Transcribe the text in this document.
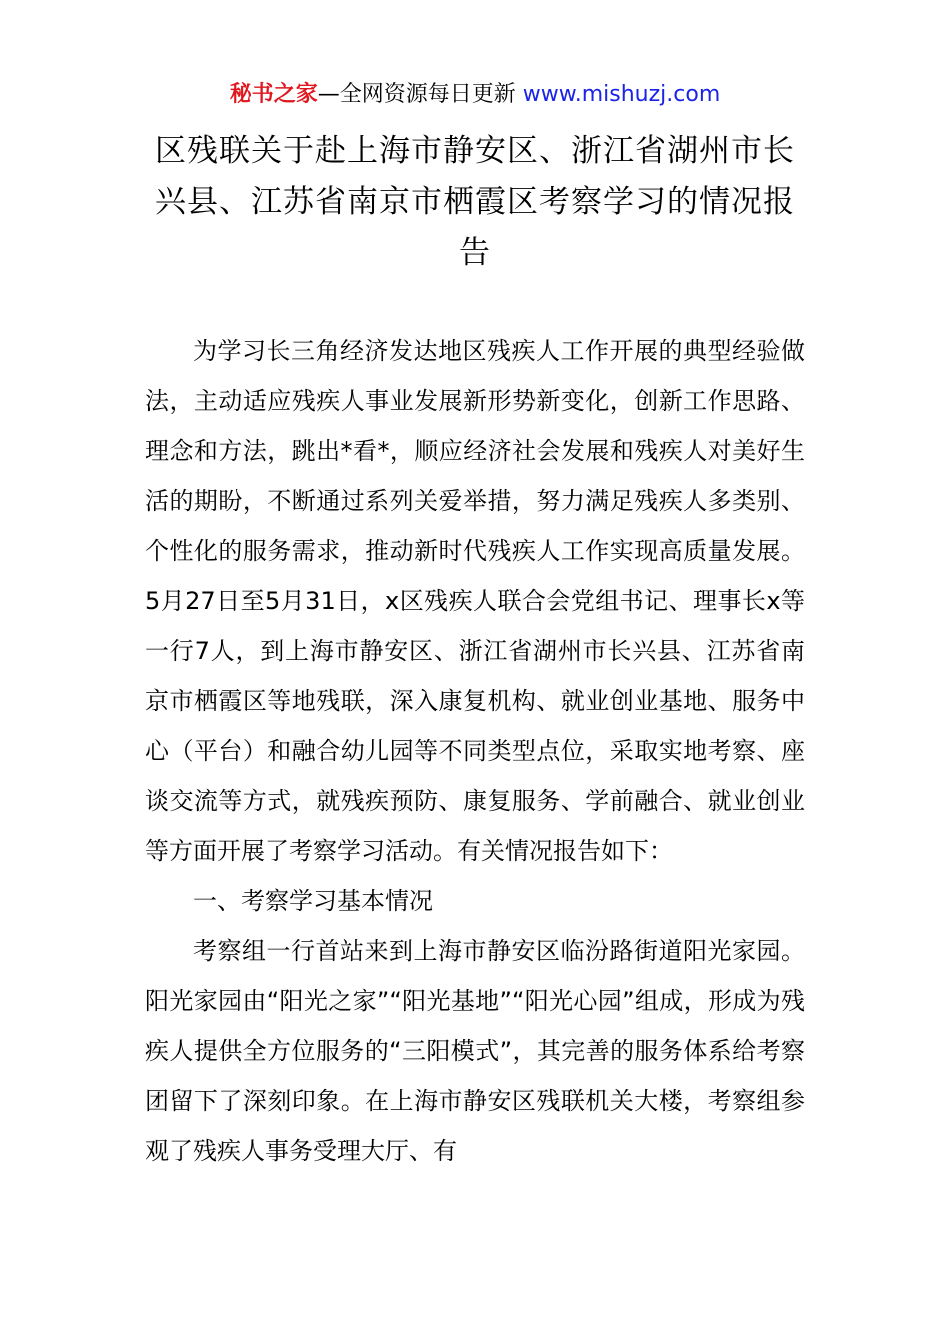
秘书之家—全网资源每日更新 www.mishuzj.com
区残联关于赴上海市静安区、浙江省湖州市长兴县、江苏省南京市栖霞区考察学习的情况报告

为学习长三角经济发达地区残疾人工作开展的典型经验做法，主动适应残疾人事业发展新形势新变化，创新工作思路、理念和方法，跳出*看*，顺应经济社会发展和残疾人对美好生活的期盼，不断通过系列关爱举措，努力满足残疾人多类别、个性化的服务需求，推动新时代残疾人工作实现高质量发展。5月27日至5月31日，x区残疾人联合会党组书记、理事长x等一行7人，到上海市静安区、浙江省湖州市长兴县、江苏省南京市栖霞区等地残联，深入康复机构、就业创业基地、服务中心（平台）和融合幼儿园等不同类型点位，采取实地考察、座谈交流等方式，就残疾预防、康复服务、学前融合、就业创业等方面开展了考察学习活动。有关情况报告如下：

一、考察学习基本情况

考察组一行首站来到上海市静安区临汾路街道阳光家园。阳光家园由“阳光之家”“阳光基地”“阳光心园”组成，形成为残疾人提供全方位服务的“三阳模式”，其完善的服务体系给考察团留下了深刻印象。在上海市静安区残联机关大楼，考察组参观了残疾人事务受理大厅、有
